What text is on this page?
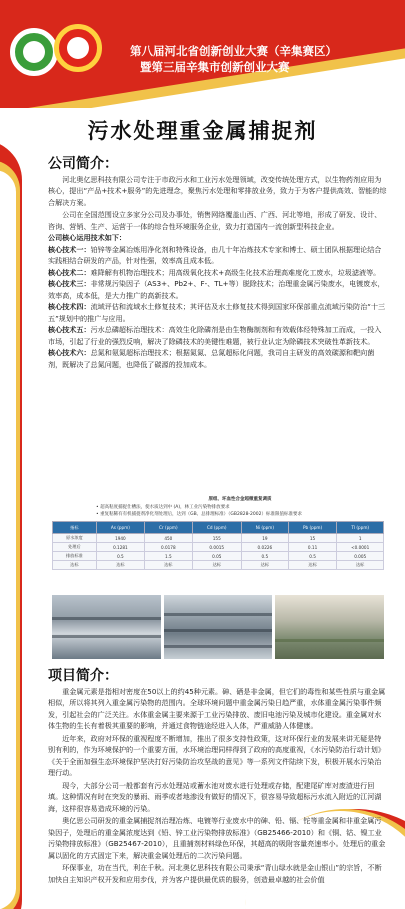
第八届河北省创新创业大赛（辛集赛区）
暨第三届辛集市创新创业大赛
污水处理重金属捕捉剂
公司简介：

河北奥亿思科技有限公司专注于市政污水和工业污水处理领域，改变传统处理方式，以生物药剂应用为核心，提出“产品+技术+服务”的先进理念，聚焦污水处理和零排放业务，致力于为客户提供高效、智能的综合解决方案。

公司在全国范围设立多家分公司及办事处，销售网络覆盖山西、广西、河北等地，形成了研发、设计、咨询、营销、生产、运营于一体的综合性环境服务企业，致力打造国内一流创新型科技企业。

公司核心运用技术如下：

核心技术一：铂锌等金属冶炼用净化剂和特殊设备，由几十年冶炼技术专家和博士、硕士团队根据理论结合实践相结合研发的产品，针对性强，效率高且成本低。

核心技术二：难降解有机物治理技术；用高级氧化技术+高级生化技术治理高难度化工废水，垃圾滤液等。

核心技术三：非常规污染因子（AS3+、Pb2+、F-、TL+等）脱除技术；治理重金属污染废水，电镀废水，效率高，成本低，是大力推广的高新技术。

核心技术四：流域评估和流域水土修复技术；其评估及水土修复技术得到国家环保部重点流域污染防治“十三五”规划中的推广与应用。

核心技术五：污水总磷超标治理技术：高效生化除磷剂是由生物酶制剂和有效载体经特殊加工而成，一投入市场，引起了行业的强烈反响，解决了除磷技术的美键性难题，被行业认定为除磷技术突破性革新技术。

核心技术六：总氮和氨氮超标治理技术；根据氮氮、总氮超标化问题，我司自主研发的高效碳源和靶向菌剂，既解决了总氮问题，也降低了碳源的投加成本。

原组、坏血性合金超微重复调质
• 超高粘度捕捉仕槽法，使水质达到中 (A)，林工业污染物排放要求
• 重复粘稀有有机捕捉剂净化剂处理后，达到（GB、总排理标准）（GB2828-2002）标准限值标准要求
指标	As (ppm)	Cr (ppm)	Cd (ppm)	Ni (ppm)	Pb (ppm)	Tl (ppm)
原水浓度	1940	450	155	19	15	1
处理后	0.1281	0.0178	0.0015	0.0226	0.11	<0.0001
排放标准	0.5	1.5	0.05	0.5	0.5	0.005
达标	达标	达标	达标	达标	达标	达标
项目简介：

重金属元素是指相对密度在50以上的约45种元素。砷、硒是非金属，但它们的毒性和某些性质与重金属相似，所以将其列入重金属污染物的范围内。全球环境问题中重金属污染日趋严重，水体重金属污染事件频发，引起社会的广泛关注。水体重金属主要来源于工业污染排放、废旧电池污染及城市化建设。重金属对水体生物的生长有着极其重要的影响，并通过食物链途经进入人体，严重威胁人体健康。

近年来，政府对环保的重视程度不断增加，推出了很多支持性政策，这对环保行业的发展来讲无疑是特别有利的，作为环境保护的一个重要方面，水环境治理同样得到了政府的高度重视，《水污染防治行动计划》《关于全面加强生态环境保护坚决打好污染防治攻坚战的意见》等一系列文件陆续下发，积极开展水污染治理行动。

现今，大部分公司一般都套有污水处理站或蓄水池对废水进行处理或存储，配建尾矿库对废渣进行回填。这种情况有时在突发的暴雨、雨季或者地渗没有做好的情况下，很容易导致超标污水流入附近的江河湖海，这样很容易造成环境的污染。

奥亿思公司研发的重金属捕捉剂治理冶炼、电镀等行业废水中的砷、铅、镉、铊等重金属和非重金属污染因子，处理后的重金属浓度达到《铅、锌工业污染物排放标准》（GB25466-2010）和《铜、钴、镍工业污染物排放标准》（GB25467-2010），且重捕剂材料绿色环保，其超高的吸附容量亮速率小。处理后的重金属以固化的方式固定下来，解决重金属处理后的二次污染问题。

环保事业，功在当代，利在千秋。河北奥亿思科技有限公司秉承“青山绿水就是金山银山”的宗旨，不断加快自主知识产权开发和应用步伐，并为客户提供最优质的服务，创造最卓越的社会价值
